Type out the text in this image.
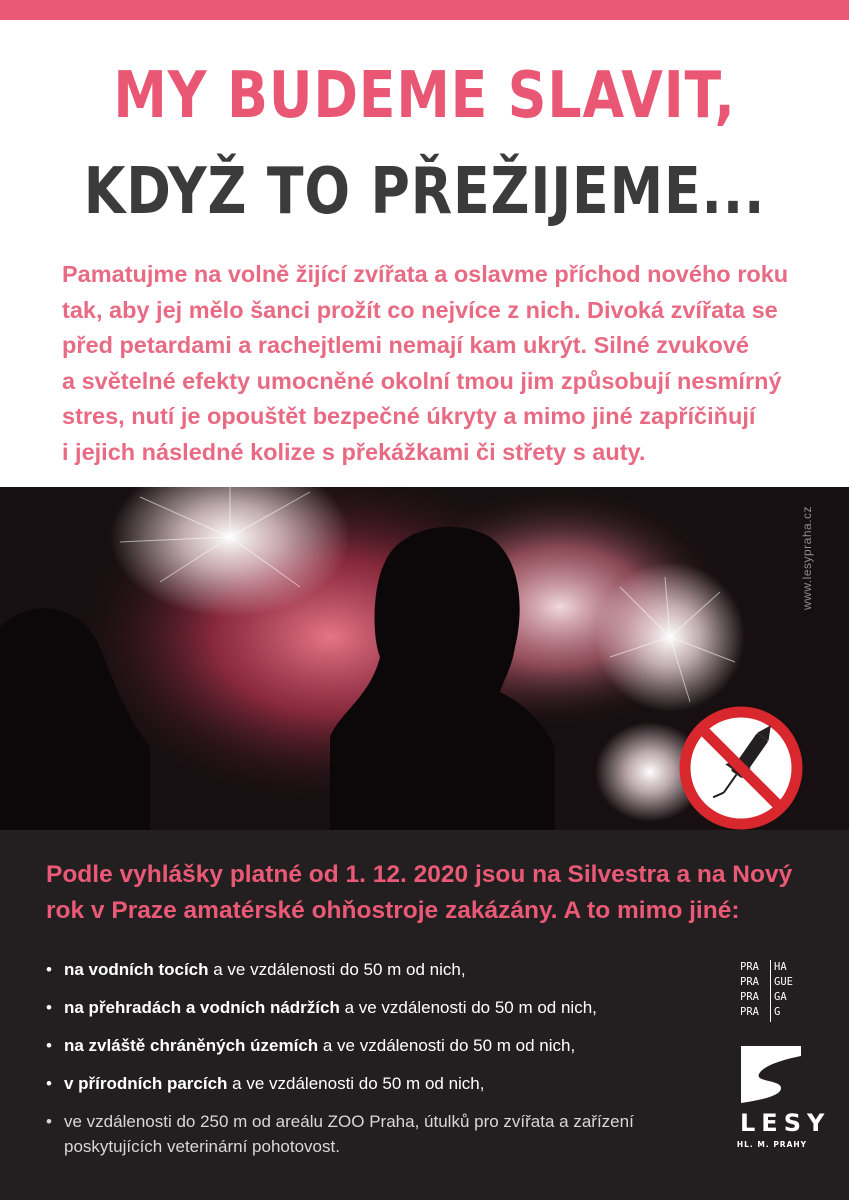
MY BUDEME SLAVIT,
KDYŽ TO PŘEŽIJEME...
Pamatujme na volně žijící zvířata a oslavme příchod nového roku
tak, aby jej mělo šanci prožít co nejvíce z nich. Divoká zvířata se
před petardami a rachejtlemi nemají kam ukrýt. Silné zvukové
a světelné efekty umocněné okolní tmou jim způsobují nesmírný
stres, nutí je opouštět bezpečné úkryty a mimo jiné zapříčiňují
i jejich následné kolize s překážkami či střety s auty.
www.lesypraha.cz
Podle vyhlášky platné od 1. 12. 2020 jsou na Silvestra a na Nový
rok v Praze amatérské ohňostroje zakázány. A to mimo jiné:
• na vodních tocích a ve vzdálenosti do 50 m od nich,
• na přehradách a vodních nádržích a ve vzdálenosti do 50 m od nich,
• na zvláště chráněných územích a ve vzdálenosti do 50 m od nich,
• v přírodních parcích a ve vzdálenosti do 50 m od nich,
• ve vzdálenosti do 250 m od areálu ZOO Praha, útulků pro zvířata a zařízení poskytujících veterinární pohotovost.
PRA
PRA
PRA
PRA
HA
GUE
GA
G
LESY
HL. M. PRAHY
